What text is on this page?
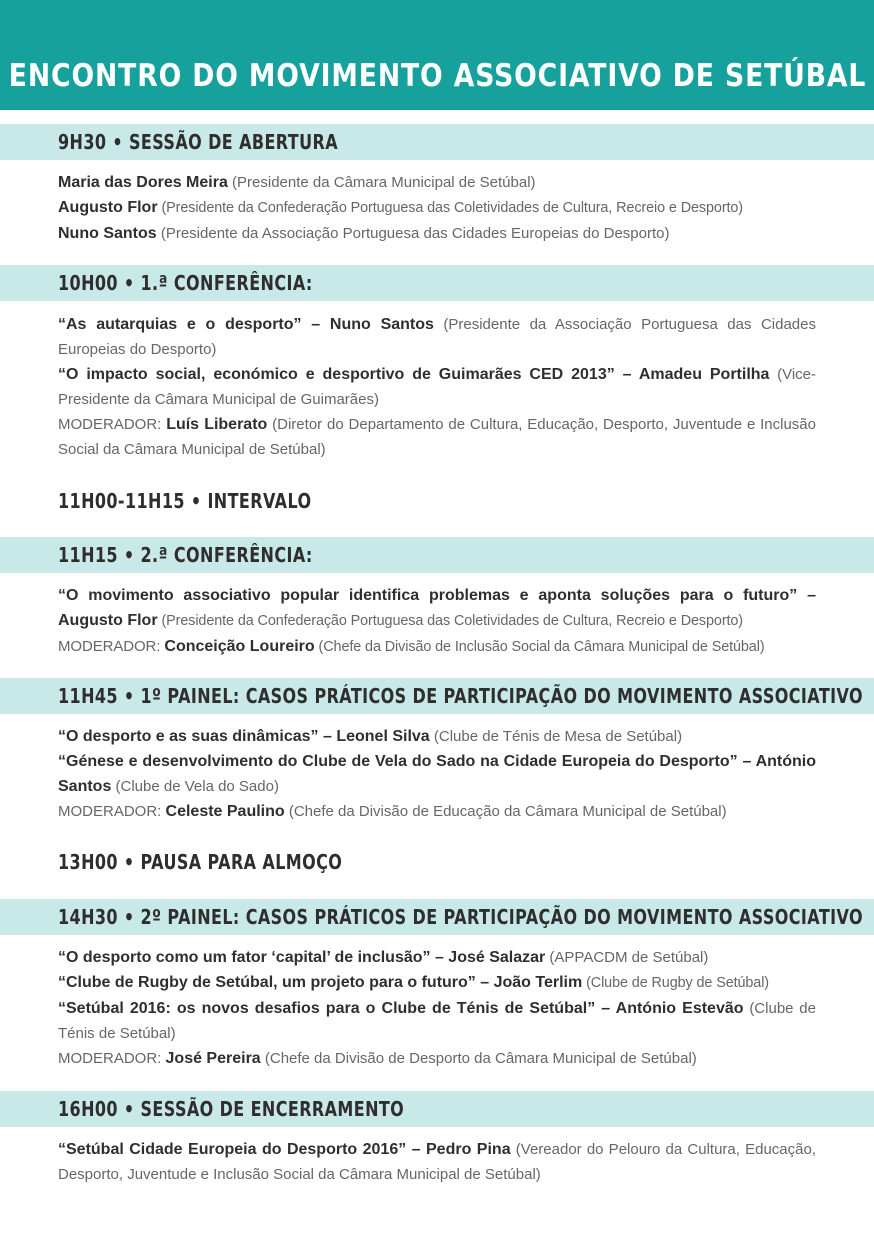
ENCONTRO DO MOVIMENTO ASSOCIATIVO DE SETÚBAL
9H30 • SESSÃO DE ABERTURA

Maria das Dores Meira (Presidente da Câmara Municipal de Setúbal)

Augusto Flor (Presidente da Confederação Portuguesa das Coletividades de Cultura, Recreio e Desporto)

Nuno Santos (Presidente da Associação Portuguesa das Cidades Europeias do Desporto)

10H00 • 1.ª CONFERÊNCIA:

“As autarquias e o desporto” – Nuno Santos (Presidente da Associação Portuguesa das Cidades Europeias do Desporto)

“O impacto social, económico e desportivo de Guimarães CED 2013” – Amadeu Portilha (Vice-Presidente da Câmara Municipal de Guimarães)

MODERADOR: Luís Liberato (Diretor do Departamento de Cultura, Educação, Desporto, Juventude e Inclusão Social da Câmara Municipal de Setúbal)

11H00-11H15 • INTERVALO
11H15 • 2.ª CONFERÊNCIA:

“O movimento associativo popular identifica problemas e aponta soluções para o futuro” – Augusto Flor (Presidente da Confederação Portuguesa das Coletividades de Cultura, Recreio e Desporto)

MODERADOR: Conceição Loureiro (Chefe da Divisão de Inclusão Social da Câmara Municipal de Setúbal)

11H45 • 1º PAINEL: CASOS PRÁTICOS DE PARTICIPAÇÃO DO MOVIMENTO ASSOCIATIVO

“O desporto e as suas dinâmicas” – Leonel Silva (Clube de Ténis de Mesa de Setúbal)

“Génese e desenvolvimento do Clube de Vela do Sado na Cidade Europeia do Desporto” – António Santos (Clube de Vela do Sado)

MODERADOR: Celeste Paulino (Chefe da Divisão de Educação da Câmara Municipal de Setúbal)

13H00 • PAUSA PARA ALMOÇO
14H30 • 2º PAINEL: CASOS PRÁTICOS DE PARTICIPAÇÃO DO MOVIMENTO ASSOCIATIVO

“O desporto como um fator ‘capital’ de inclusão” – José Salazar (APPACDM de Setúbal)

“Clube de Rugby de Setúbal, um projeto para o futuro” – João Terlim (Clube de Rugby de Setúbal)

“Setúbal 2016: os novos desafios para o Clube de Ténis de Setúbal” – António Estevão (Clube de Ténis de Setúbal)

MODERADOR: José Pereira (Chefe da Divisão de Desporto da Câmara Municipal de Setúbal)

16H00 • SESSÃO DE ENCERRAMENTO

“Setúbal Cidade Europeia do Desporto 2016” – Pedro Pina (Vereador do Pelouro da Cultura, Educação, Desporto, Juventude e Inclusão Social da Câmara Municipal de Setúbal)
